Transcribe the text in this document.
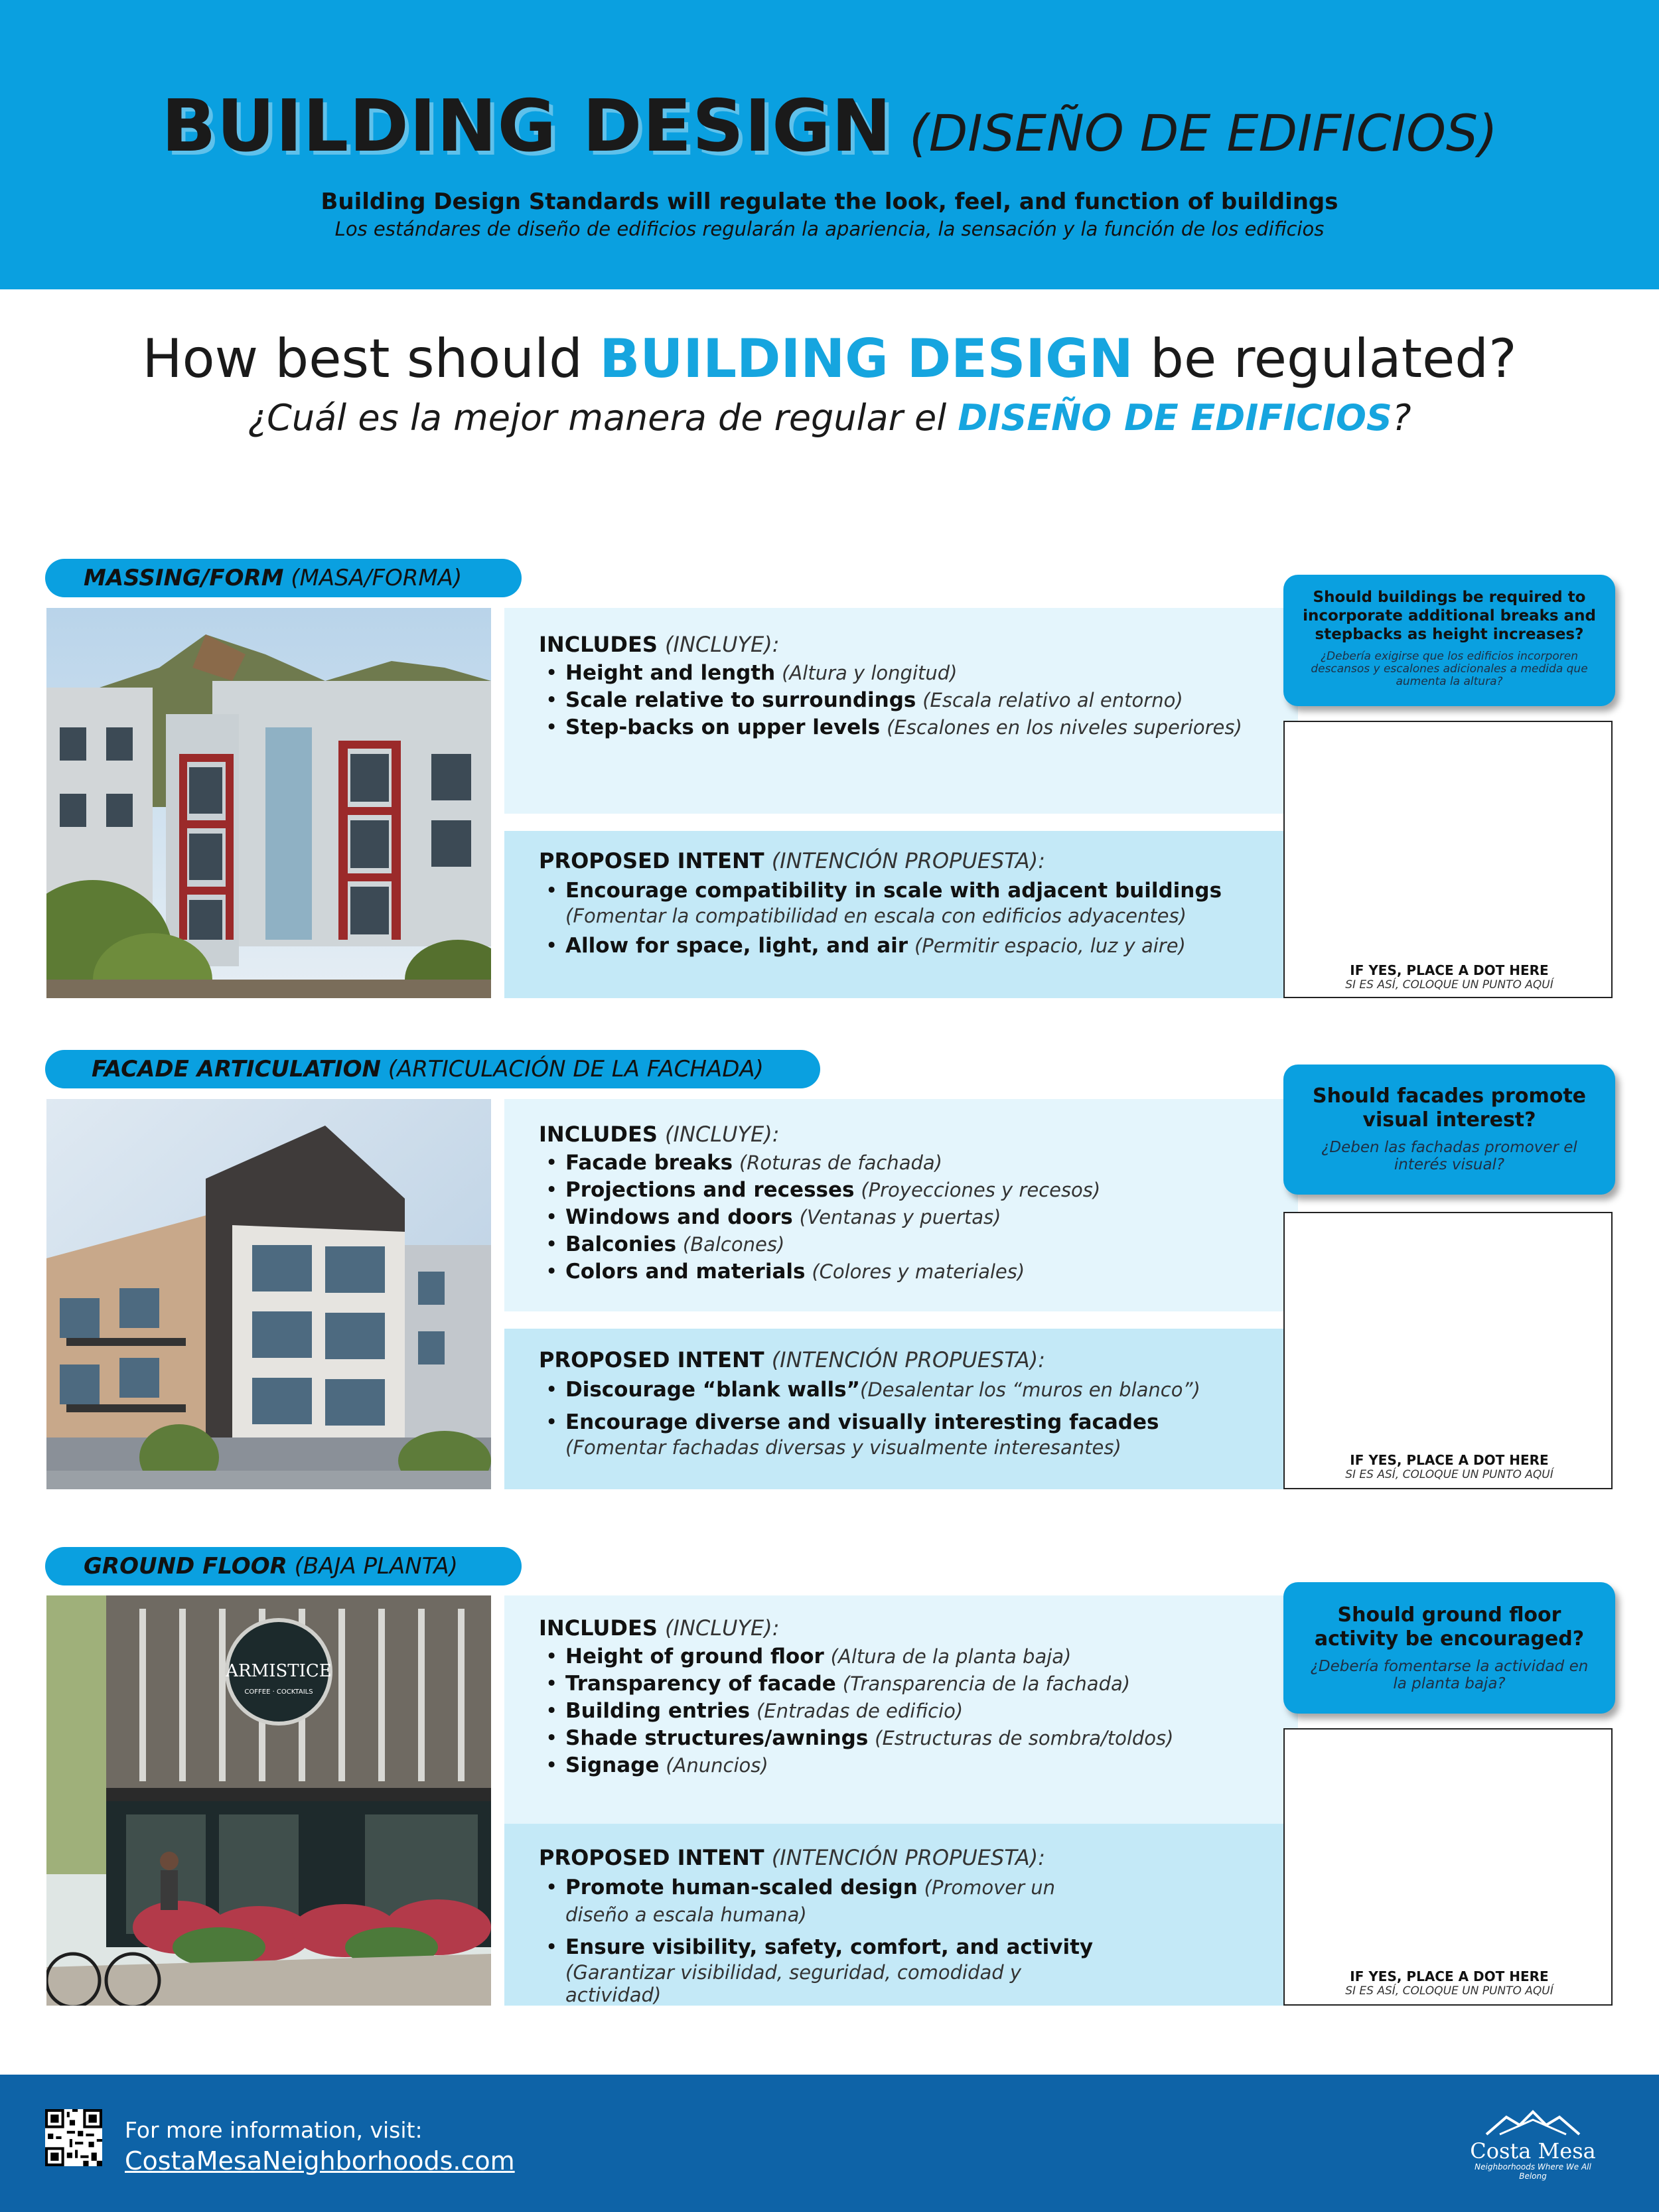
BUILDING DESIGN (DISEÑO DE EDIFICIOS)
Building Design Standards will regulate the look, feel, and function of buildings
Los estándares de diseño de edificios regularán la apariencia, la sensación y la función de los edificios
How best should BUILDING DESIGN be regulated?
¿Cuál es la mejor manera de regular el DISEÑO DE EDIFICIOS?
MASSING/FORM (MASA/FORMA)
INCLUDES (INCLUYE):
• Height and length (Altura y longitud)
• Scale relative to surroundings (Escala relativo al entorno)
• Step-backs on upper levels (Escalones en los niveles superiores)
PROPOSED INTENT (INTENCIÓN PROPUESTA):
• Encourage compatibility in scale with adjacent buildings
(Fomentar la compatibilidad en escala con edificios adyacentes)
• Allow for space, light, and air (Permitir espacio, luz y aire)
Should buildings be required to incorporate additional breaks and stepbacks as height increases?
¿Debería exigirse que los edificios incorporen descansos y escalones adicionales a medida que aumenta la altura?
IF YES, PLACE A DOT HERE
SI ES ASÍ, COLOQUE UN PUNTO AQUÍ
FACADE ARTICULATION (ARTICULACIÓN DE LA FACHADA)
INCLUDES (INCLUYE):
• Facade breaks (Roturas de fachada)
• Projections and recesses (Proyecciones y recesos)
• Windows and doors (Ventanas y puertas)
• Balconies (Balcones)
• Colors and materials (Colores y materiales)
PROPOSED INTENT (INTENCIÓN PROPUESTA):
• Discourage “blank walls”(Desalentar los “muros en blanco”)
• Encourage diverse and visually interesting facades
(Fomentar fachadas diversas y visualmente interesantes)
Should facades promote visual interest?
¿Deben las fachadas promover el interés visual?
IF YES, PLACE A DOT HERE
SI ES ASÍ, COLOQUE UN PUNTO AQUÍ
GROUND FLOOR (BAJA PLANTA)
ARMISTICE
COFFEE · COCKTAILS
INCLUDES (INCLUYE):
• Height of ground floor (Altura de la planta baja)
• Transparency of facade (Transparencia de la fachada)
• Building entries (Entradas de edificio)
• Shade structures/awnings (Estructuras de sombra/toldos)
• Signage (Anuncios)
PROPOSED INTENT (INTENCIÓN PROPUESTA):
• Promote human-scaled design (Promover un diseño a escala humana)
• Ensure visibility, safety, comfort, and activity
(Garantizar visibilidad, seguridad, comodidad y actividad)
Should ground floor activity be encouraged?
¿Debería fomentarse la actividad en la planta baja?
IF YES, PLACE A DOT HERE
SI ES ASÍ, COLOQUE UN PUNTO AQUÍ
For more information, visit:
CostaMesaNeighborhoods.com	Costa Mesa
Neighborhoods Where We All Belong
